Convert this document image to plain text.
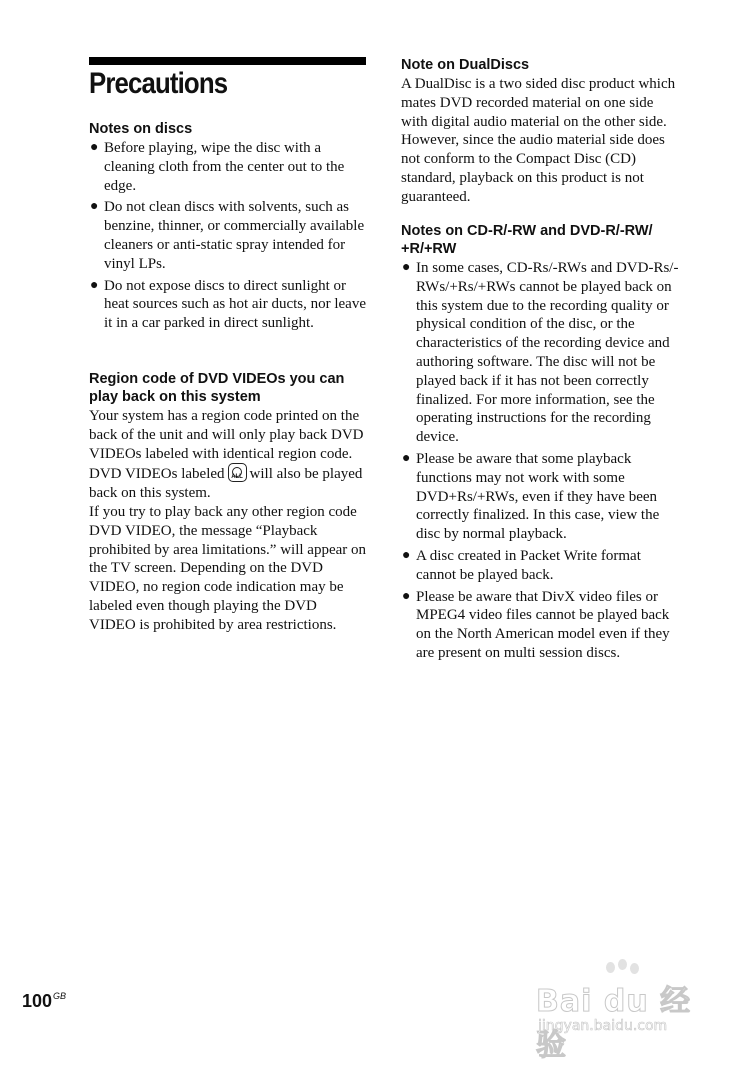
Precautions
Notes on discs
● Before playing, wipe the disc with a cleaning cloth from the center out to the edge.
● Do not clean discs with solvents, such as benzine, thinner, or commercially available cleaners or anti-static spray intended for vinyl LPs.
● Do not expose discs to direct sunlight or heat sources such as hot air ducts, nor leave it in a car parked in direct sunlight.
Region code of DVD VIDEOs you can play back on this system

Your system has a region code printed on the back of the unit and will only play back DVD VIDEOs labeled with identical region code.

DVD VIDEOs labeled	ALL will also be played back on this system.

If you try to play back any other region code DVD VIDEO, the message “Playback prohibited by area limitations.” will appear on the TV screen. Depending on the DVD VIDEO, no region code indication may be labeled even though playing the DVD VIDEO is prohibited by area restrictions.

Note on DualDiscs

A DualDisc is a two sided disc product which mates DVD recorded material on one side with digital audio material on the other side. However, since the audio material side does not conform to the Compact Disc (CD) standard, playback on this product is not guaranteed.

Notes on CD-R/-RW and DVD-R/-RW/ +R/+RW
● In some cases, CD-Rs/-RWs and DVD-Rs/-RWs/+Rs/+RWs cannot be played back on this system due to the recording quality or physical condition of the disc, or the characteristics of the recording device and authoring software. The disc will not be played back if it has not been correctly finalized. For more information, see the operating instructions for the recording device.
● Please be aware that some playback functions may not work with some DVD+Rs/+RWs, even if they have been correctly finalized. In this case, view the disc by normal playback.
● A disc created in Packet Write format cannot be played back.
● Please be aware that DivX video files or MPEG4 video files cannot be played back on the North American model even if they are present on multi session discs.
$100^{GB}$	Bai du 经验
jingyan.baidu.com
